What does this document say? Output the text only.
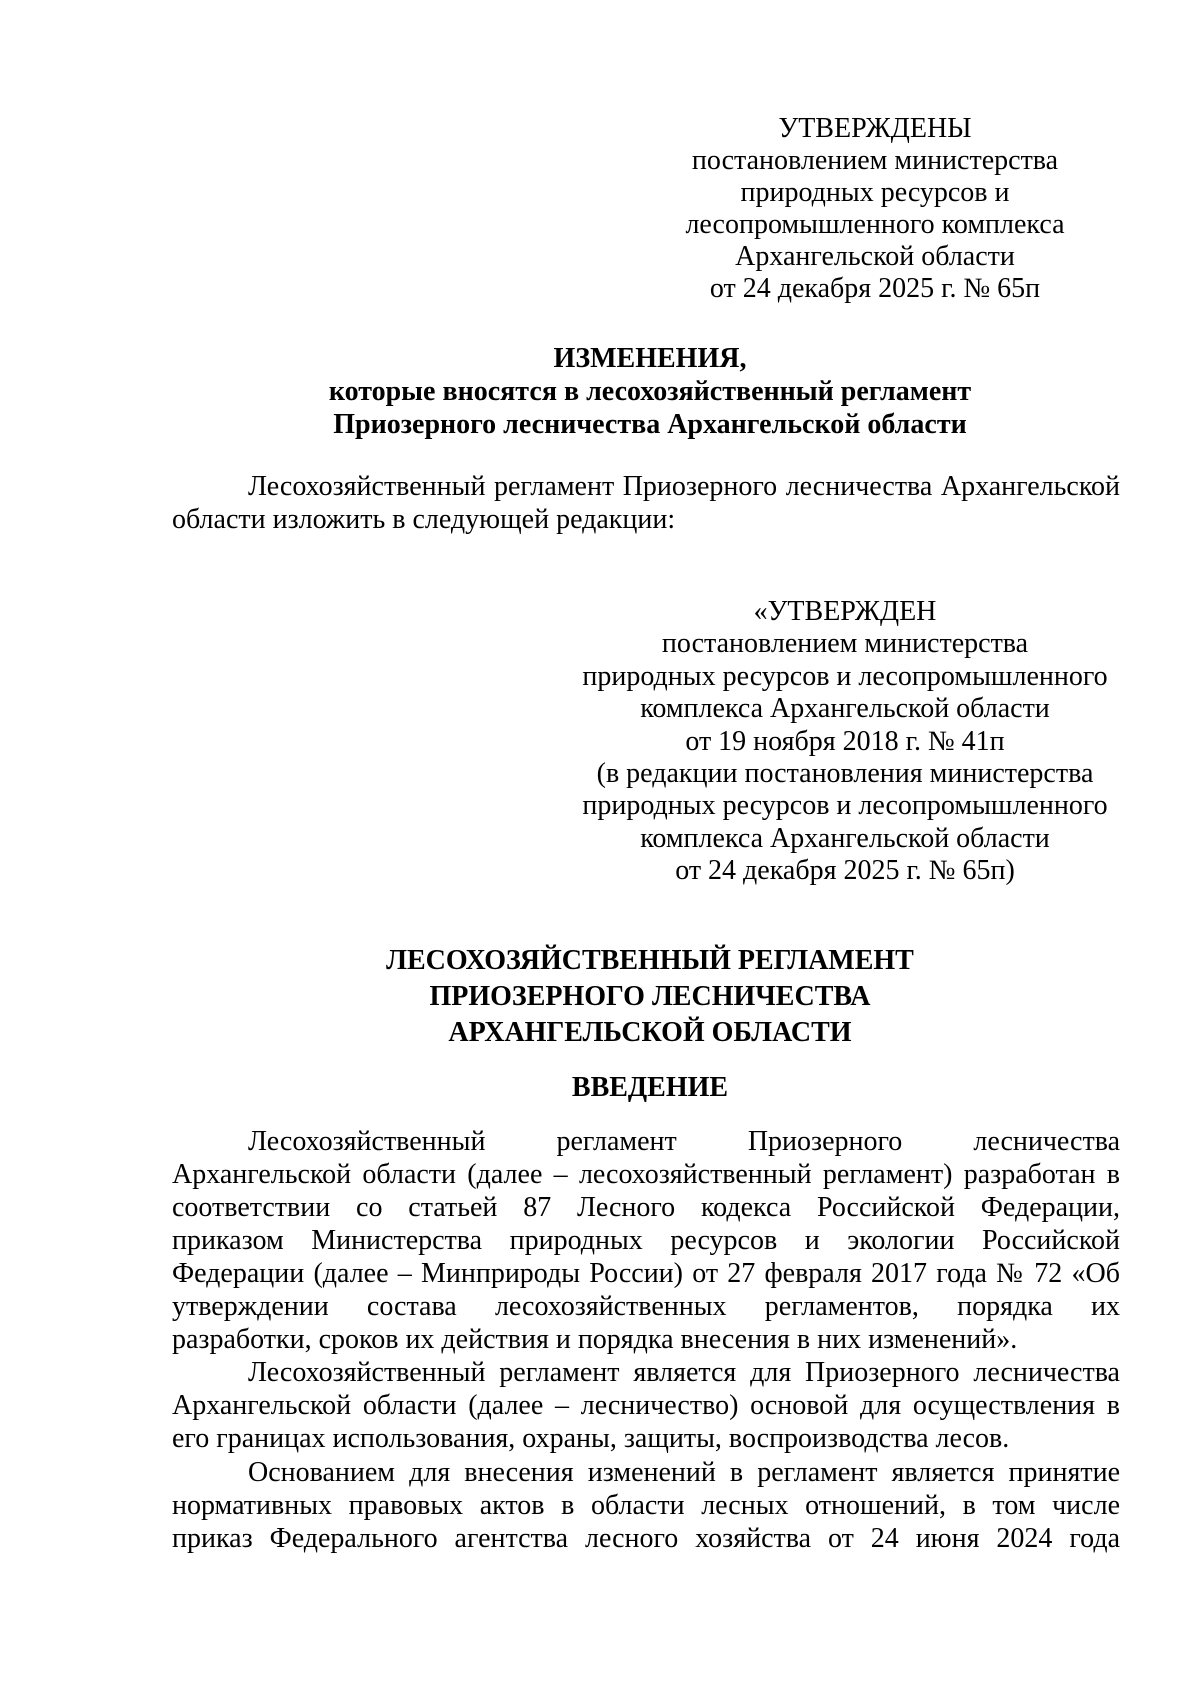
УТВЕРЖДЕНЫ
постановлением министерства
природных ресурсов и
лесопромышленного комплекса
Архангельской области
от 24 декабря 2025 г. № 65п
ИЗМЕНЕНИЯ,
которые вносятся в лесохозяйственный регламент
Приозерного лесничества Архангельской области
Лесохозяйственный регламент Приозерного лесничества Архангельской
области изложить в следующей редакции:
«УТВЕРЖДЕН
постановлением министерства
природных ресурсов и лесопромышленного
комплекса Архангельской области
от 19 ноября 2018 г. № 41п
(в редакции постановления министерства
природных ресурсов и лесопромышленного
комплекса Архангельской области
от 24 декабря 2025 г. № 65п)
ЛЕСОХОЗЯЙСТВЕННЫЙ РЕГЛАМЕНТ
ПРИОЗЕРНОГО ЛЕСНИЧЕСТВА
АРХАНГЕЛЬСКОЙ ОБЛАСТИ
ВВЕДЕНИЕ
Лесохозяйственный регламент Приозерного лесничества
Архангельской области (далее – лесохозяйственный регламент) разработан в
соответствии со статьей 87 Лесного кодекса Российской Федерации,
приказом Министерства природных ресурсов и экологии Российской
Федерации (далее – Минприроды России) от 27 февраля 2017 года № 72 «Об
утверждении состава лесохозяйственных регламентов, порядка их
разработки, сроков их действия и порядка внесения в них изменений».
Лесохозяйственный регламент является для Приозерного лесничества
Архангельской области (далее – лесничество) основой для осуществления в
его границах использования, охраны, защиты, воспроизводства лесов.
Основанием для внесения изменений в регламент является принятие
нормативных правовых актов в области лесных отношений, в том числе
приказ Федерального агентства лесного хозяйства от 24 июня 2024 года
